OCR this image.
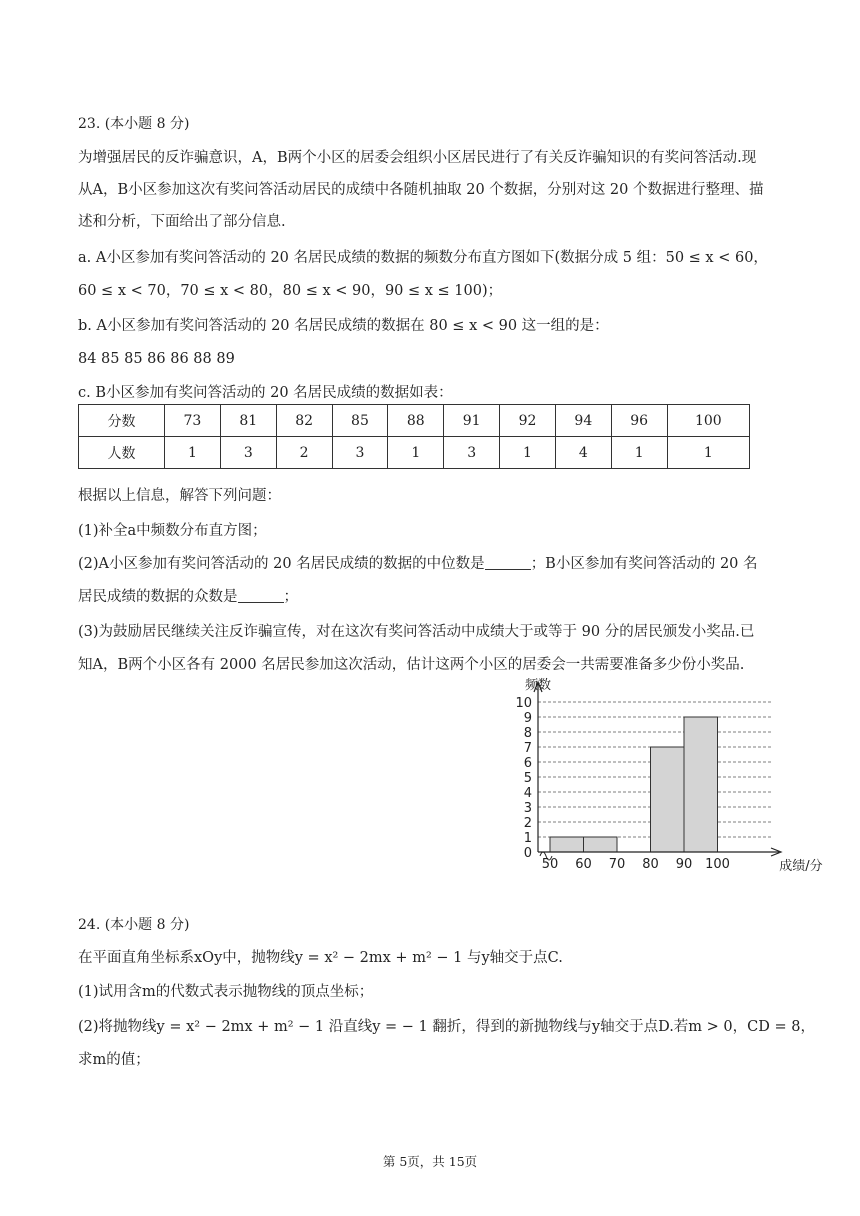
23. (本小题 8 分)
为增强居民的反诈骗意识，A，B两个小区的居委会组织小区居民进行了有关反诈骗知识的有奖问答活动.现
从A，B小区参加这次有奖问答活动居民的成绩中各随机抽取 20 个数据，分别对这 20 个数据进行整理、描
述和分析，下面给出了部分信息.
a. A小区参加有奖问答活动的 20 名居民成绩的数据的频数分布直方图如下(数据分成 5 组：50 ≤ x < 60，
60 ≤ x < 70，70 ≤ x < 80，80 ≤ x < 90，90 ≤ x ≤ 100)；
b. A小区参加有奖问答活动的 20 名居民成绩的数据在 80 ≤ x < 90 这一组的是：
84 85 85 86 86 88 89
c. B小区参加有奖问答活动的 20 名居民成绩的数据如表：
分数	73	81	82	85	88	91	92	94	96	100
人数	1	3	2	3	1	3	1	4	1	1
根据以上信息，解答下列问题：
(1)补全a中频数分布直方图；
(2)A小区参加有奖问答活动的 20 名居民成绩的数据的中位数是	；B小区参加有奖问答活动的 20 名
居民成绩的数据的众数是	；
(3)为鼓励居民继续关注反诈骗宣传，对在这次有奖问答活动中成绩大于或等于 90 分的居民颁发小奖品.已
知A，B两个小区各有 2000 名居民参加这次活动，估计这两个小区的居委会一共需要准备多少份小奖品.
0
1
2
3
4
5
6
7
8
9
10
50 60 70 80 90 100
频数
成绩/分
24. (本小题 8 分)
在平面直角坐标系xOy中，抛物线y = x² − 2mx + m² − 1 与y轴交于点C.
(1)试用含m的代数式表示抛物线的顶点坐标；
(2)将抛物线y = x² − 2mx + m² − 1 沿直线y = − 1 翻折，得到的新抛物线与y轴交于点D.若m > 0，CD = 8，
求m的值；
第 5页，共 15页
